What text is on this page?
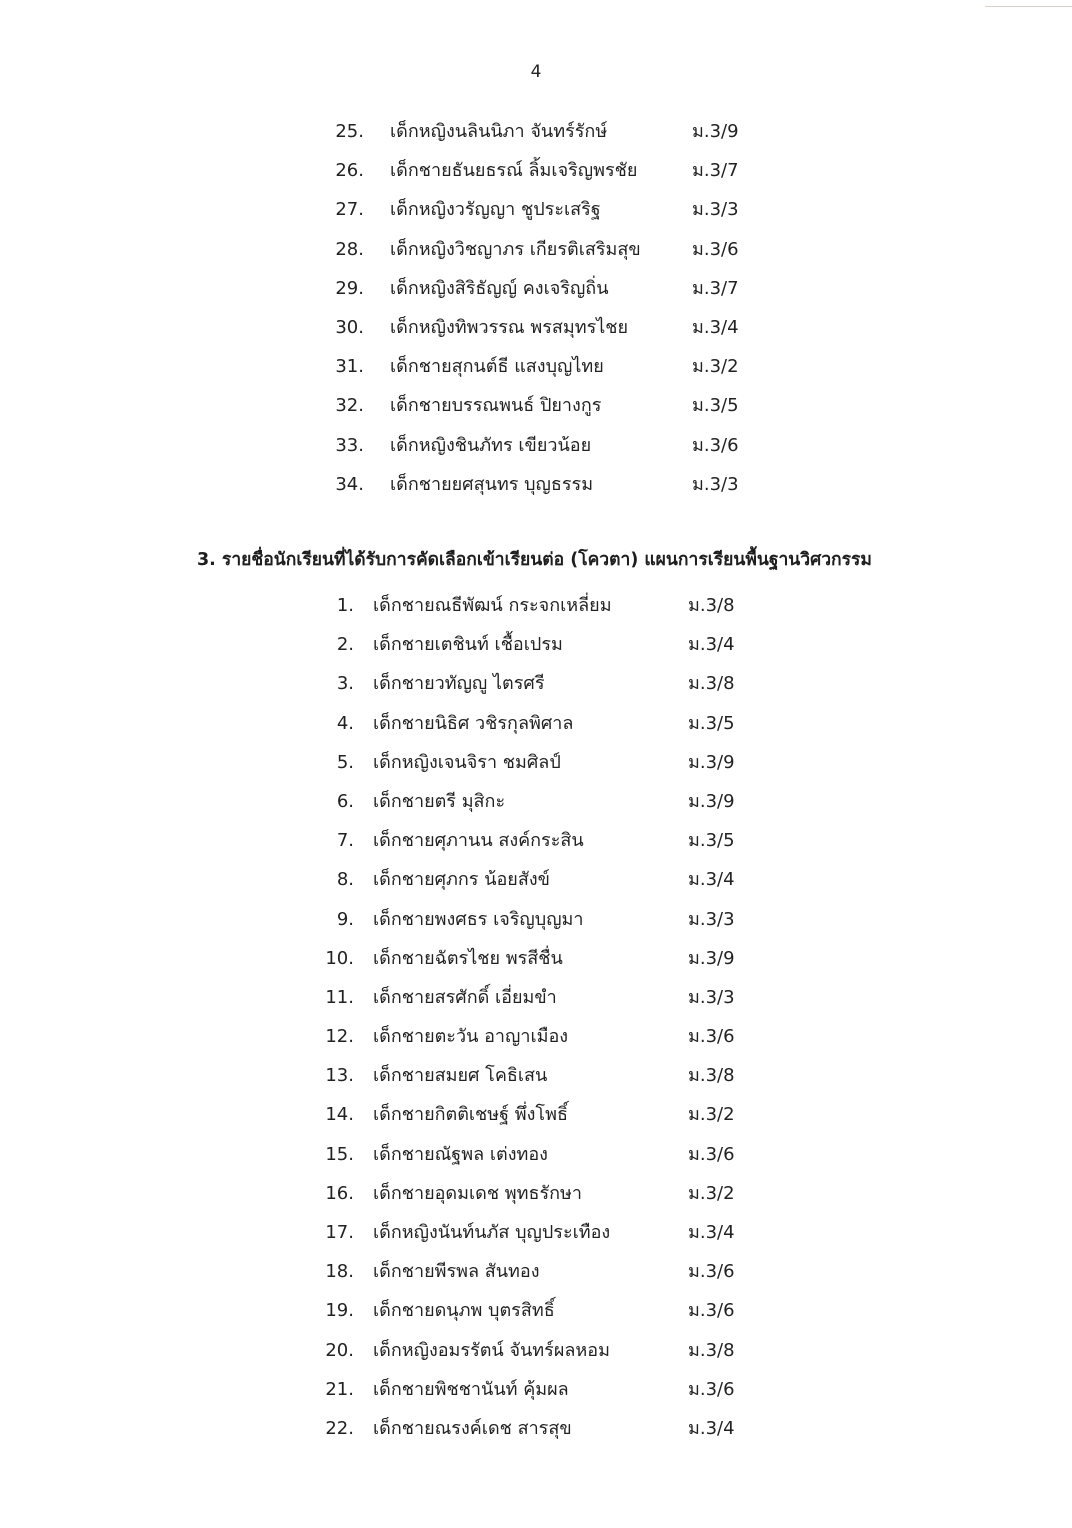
4
25. เด็กหญิงนลินนิภา จันทร์รักษ์	ม.3/9
26. เด็กชายธันยธรณ์ ลิ้มเจริญพรชัย	ม.3/7
27. เด็กหญิงวรัญญา ชูประเสริฐ	ม.3/3
28. เด็กหญิงวิชญาภร เกียรติเสริมสุข	ม.3/6
29. เด็กหญิงสิริธัญญ์ คงเจริญถิ่น	ม.3/7
30. เด็กหญิงทิพวรรณ พรสมุทรไชย	ม.3/4
31. เด็กชายสุกนต์ธี แสงบุญไทย	ม.3/2
32. เด็กชายบรรณพนธ์ ปิยางกูร	ม.3/5
33. เด็กหญิงชินภัทร เขียวน้อย	ม.3/6
34. เด็กชายยศสุนทร บุญธรรม	ม.3/3
3. รายชื่อนักเรียนที่ได้รับการคัดเลือกเข้าเรียนต่อ (โควตา) แผนการเรียนพื้นฐานวิศวกรรม
1. เด็กชายณธีพัฒน์ กระจกเหลี่ยม	ม.3/8
2. เด็กชายเตชินท์ เชื้อเปรม	ม.3/4
3. เด็กชายวทัญญู ไตรศรี	ม.3/8
4. เด็กชายนิธิศ วชิรกุลพิศาล	ม.3/5
5. เด็กหญิงเจนจิรา ชมศิลป์	ม.3/9
6. เด็กชายตรี มุสิกะ	ม.3/9
7. เด็กชายศุภานน สงค์กระสิน	ม.3/5
8. เด็กชายศุภกร น้อยสังข์	ม.3/4
9. เด็กชายพงศธร เจริญบุญมา	ม.3/3
10. เด็กชายฉัตรไชย พรสีชื่น	ม.3/9
11. เด็กชายสรศักดิ์ เอี่ยมขำ	ม.3/3
12. เด็กชายตะวัน อาญาเมือง	ม.3/6
13. เด็กชายสมยศ โคธิเสน	ม.3/8
14. เด็กชายกิตติเชษฐ์ พึ่งโพธิ์	ม.3/2
15. เด็กชายณัฐพล เต่งทอง	ม.3/6
16. เด็กชายอุดมเดช พุทธรักษา	ม.3/2
17. เด็กหญิงนันท์นภัส บุญประเทือง	ม.3/4
18. เด็กชายพีรพล สันทอง	ม.3/6
19. เด็กชายดนุภพ บุตรสิทธิ์	ม.3/6
20. เด็กหญิงอมรรัตน์ จันทร์ผลหอม	ม.3/8
21. เด็กชายพิชชานันท์ คุ้มผล	ม.3/6
22. เด็กชายณรงค์เดช สารสุข	ม.3/4
